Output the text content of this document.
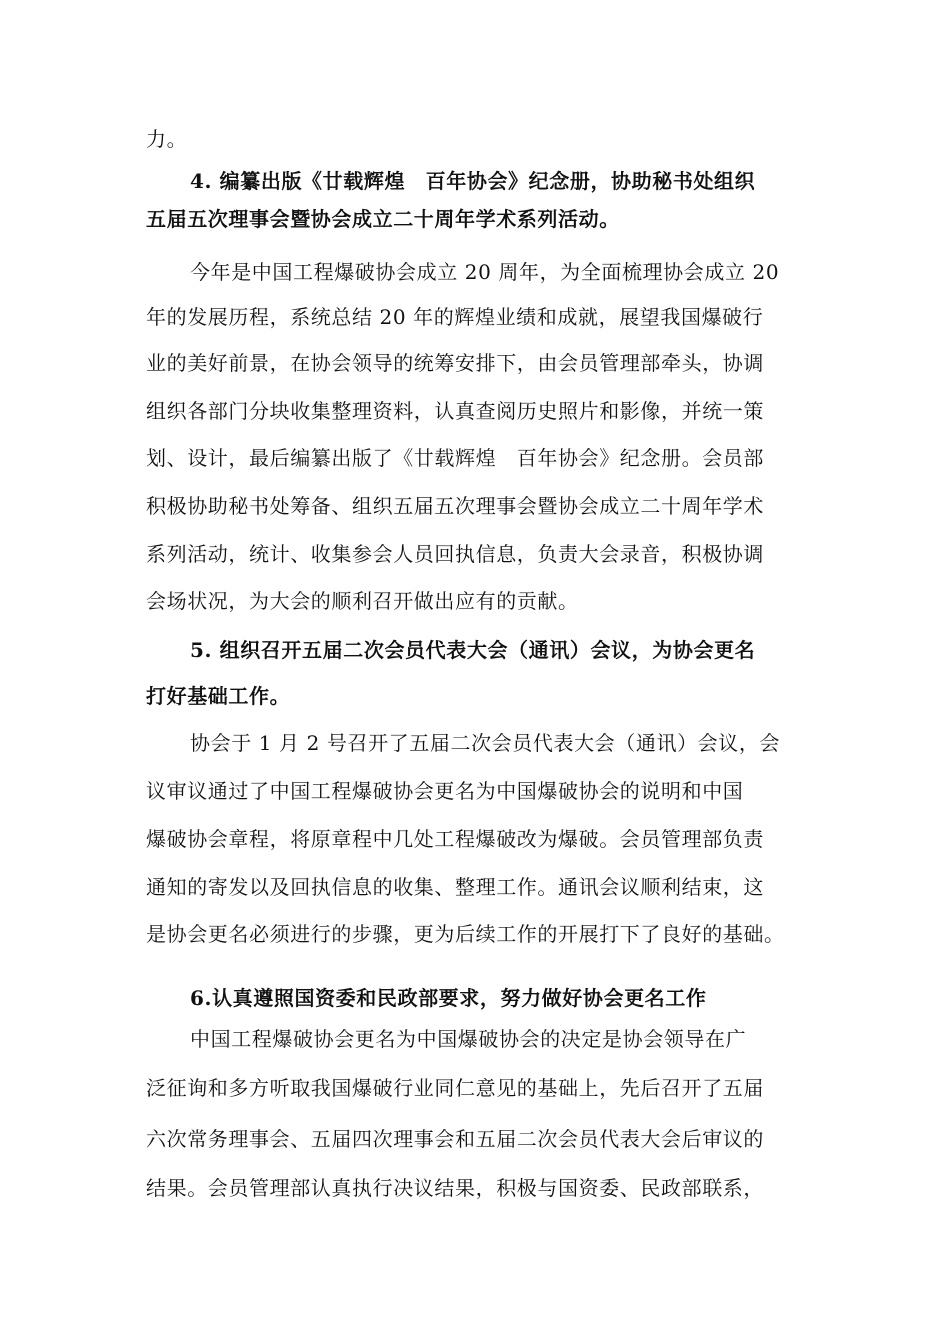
力。
4. 编纂出版《廿载辉煌　百年协会》纪念册，协助秘书处组织
五届五次理事会暨协会成立二十周年学术系列活动。
今年是中国工程爆破协会成立 20 周年，为全面梳理协会成立 20
年的发展历程，系统总结 20 年的辉煌业绩和成就，展望我国爆破行
业的美好前景，在协会领导的统筹安排下，由会员管理部牵头，协调
组织各部门分块收集整理资料，认真查阅历史照片和影像，并统一策
划、设计，最后编纂出版了《廿载辉煌　百年协会》纪念册。会员部
积极协助秘书处筹备、组织五届五次理事会暨协会成立二十周年学术
系列活动，统计、收集参会人员回执信息，负责大会录音，积极协调
会场状况，为大会的顺利召开做出应有的贡献。
5. 组织召开五届二次会员代表大会（通讯）会议，为协会更名
打好基础工作。
协会于 1 月 2 号召开了五届二次会员代表大会（通讯）会议，会
议审议通过了中国工程爆破协会更名为中国爆破协会的说明和中国
爆破协会章程，将原章程中几处工程爆破改为爆破。会员管理部负责
通知的寄发以及回执信息的收集、整理工作。通讯会议顺利结束，这
是协会更名必须进行的步骤，更为后续工作的开展打下了良好的基础。
6.认真遵照国资委和民政部要求，努力做好协会更名工作
中国工程爆破协会更名为中国爆破协会的决定是协会领导在广
泛征询和多方听取我国爆破行业同仁意见的基础上，先后召开了五届
六次常务理事会、五届四次理事会和五届二次会员代表大会后审议的
结果。会员管理部认真执行决议结果，积极与国资委、民政部联系，
